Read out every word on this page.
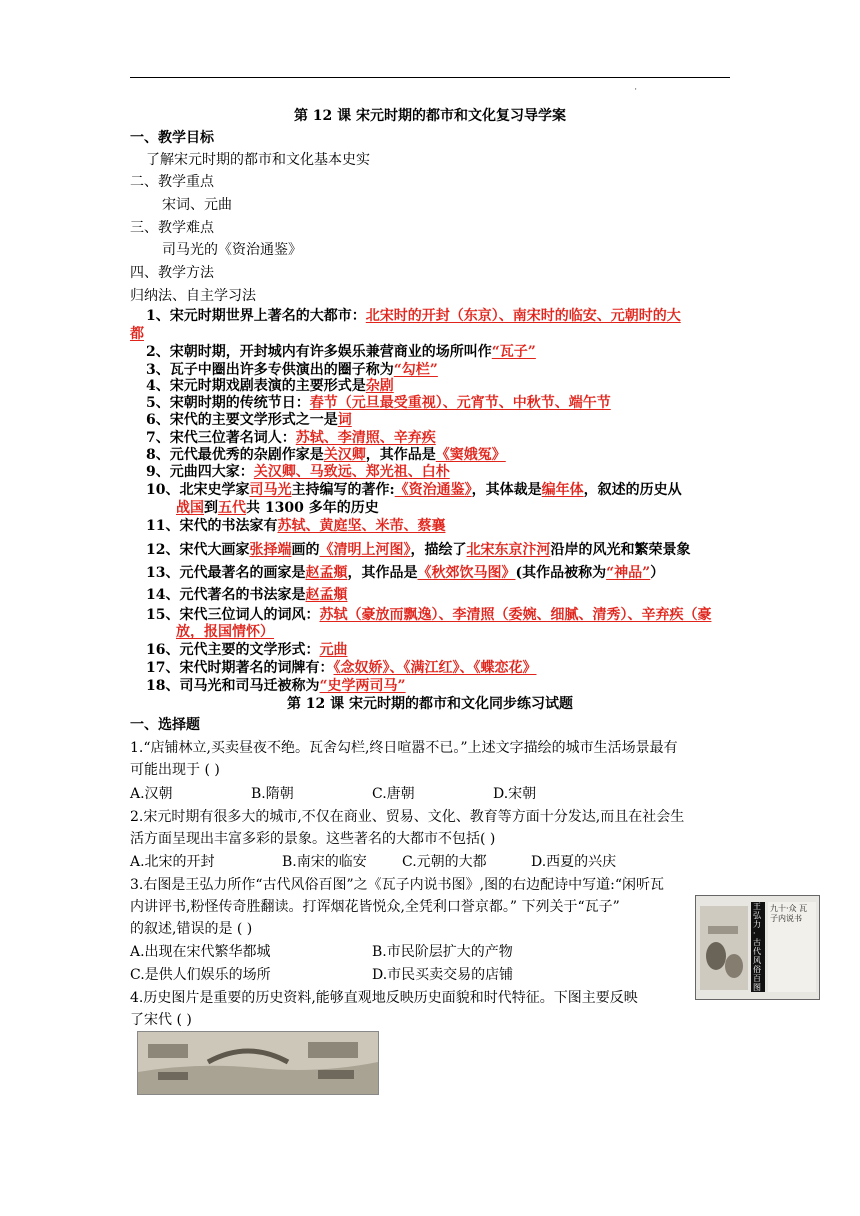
'
第 12 课 宋元时期的都市和文化复习导学案
一、教学目标
了解宋元时期的都市和文化基本史实
二、教学重点
宋词、元曲
三、教学难点
司马光的《资治通鉴》
四、教学方法
归纳法、自主学习法
1、宋元时期世界上著名的大都市：北宋时的开封（东京）、南宋时的临安、元朝时的大
都
2、宋朝时期，开封城内有许多娱乐兼营商业的场所叫作“瓦子”
3、瓦子中圈出许多专供演出的圈子称为“勾栏”
4、宋元时期戏剧表演的主要形式是杂剧
5、宋朝时期的传统节日：春节（元旦最受重视）、元宵节、中秋节、端午节
6、宋代的主要文学形式之一是词
7、宋代三位著名词人：苏轼、李清照、辛弃疾
8、元代最优秀的杂剧作家是关汉卿，其作品是《窦娥冤》
9、元曲四大家：关汉卿、马致远、郑光祖、白朴
10、北宋史学家司马光主持编写的著作:《资治通鉴》，其体裁是编年体，叙述的历史从
战国到五代共 1300 多年的历史
11、宋代的书法家有苏轼、黄庭坚、米芾、蔡襄
12、宋代大画家张择端画的《清明上河图》，描绘了北宋东京汴河沿岸的风光和繁荣景象
13、元代最著名的画家是赵孟頫，其作品是《秋郊饮马图》(其作品被称为“神品”）
14、元代著名的书法家是赵孟頫
15、宋代三位词人的词风：苏轼（豪放而飘逸）、李清照（委婉、细腻、清秀）、辛弃疾（豪
放，报国情怀）
16、元代主要的文学形式：元曲
17、宋代时期著名的词牌有：《念奴娇》、《满江红》、《蝶恋花》
18、司马光和司马迁被称为“史学两司马”
第 12 课 宋元时期的都市和文化同步练习试题
一、选择题
1.“店铺林立,买卖昼夜不绝。瓦舍勾栏,终日喧嚣不已。”上述文字描绘的城市生活场景最有
可能出现于 ( )
A.汉朝	B.隋朝	C.唐朝	D.宋朝
2.宋元时期有很多大的城市,不仅在商业、贸易、文化、教育等方面十分发达,而且在社会生
活方面呈现出丰富多彩的景象。这些著名的大都市不包括( )
A.北宋的开封	B.南宋的临安	C.元朝的大都	D.西夏的兴庆
3.右图是王弘力所作“古代风俗百图”之《瓦子内说书图》,图的右边配诗中写道:“闲听瓦
内讲评书,粉怪传奇胜翻读。打诨烟花皆悦众,全凭利口誉京都。” 下列关于“瓦子”
的叙述,错误的是 ( )
A.出现在宋代繁华都城	B.市民阶层扩大的产物
C.是供人们娱乐的场所	D.市民买卖交易的店铺
4.历史图片是重要的历史资料,能够直观地反映历史面貌和时代特征。下图主要反映
了宋代 ( )
王弘力·古代风俗百图
九十·众 瓦子内说书
